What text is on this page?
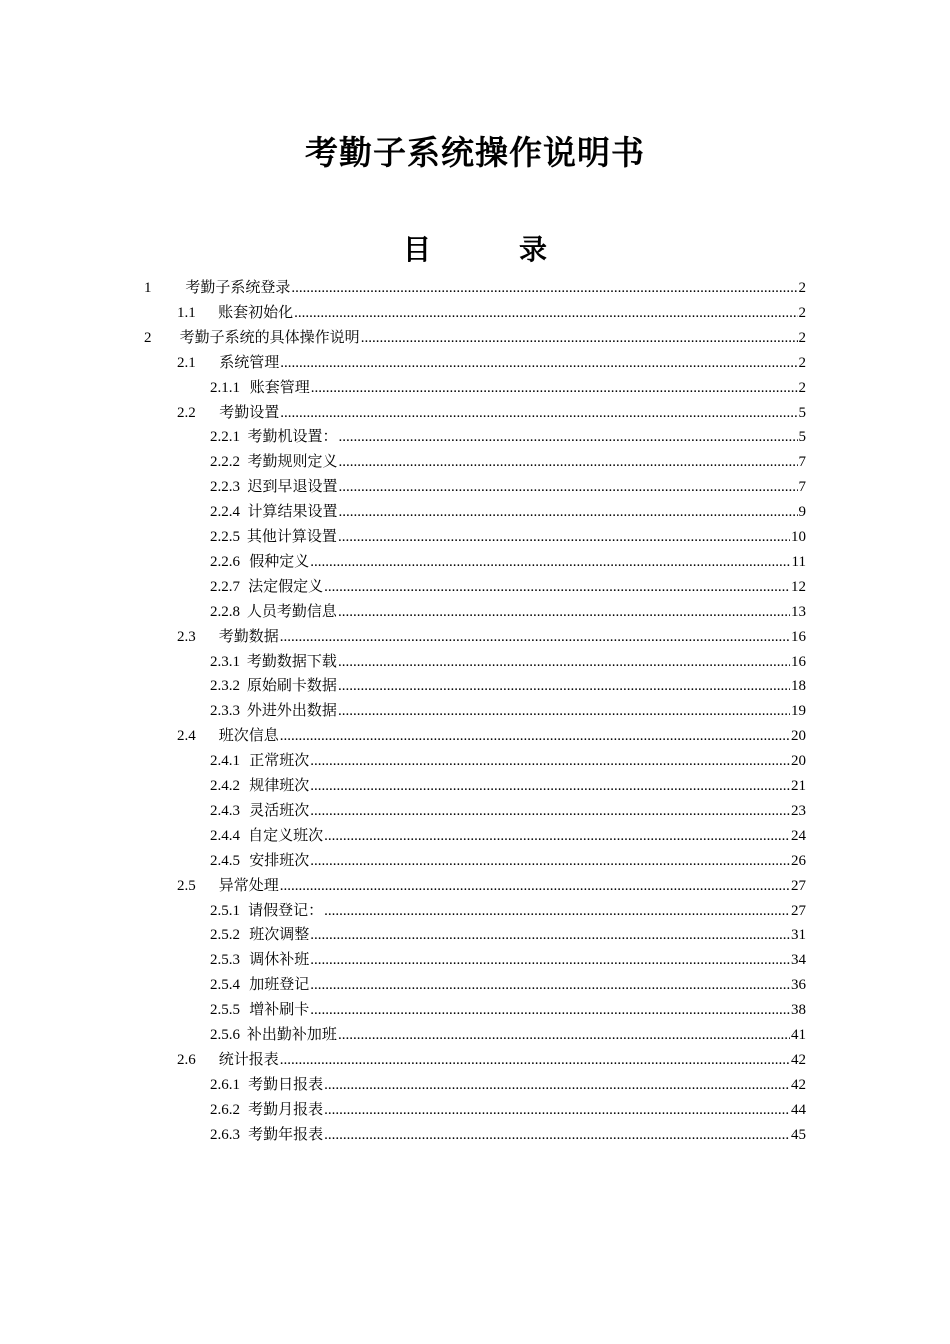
考勤子系统操作说明书
目　录
1	考勤子系统登录 .....	2
1.1	账套初始化 .....	2
2	考勤子系统的具体操作说明 .....	2
2.1	系统管理 .....	2
2.1.1 账套管理 .....	2
2.2	考勤设置 .....	5
2.2.1 考勤机设置： .....	5
2.2.2 考勤规则定义 .....	7
2.2.3 迟到早退设置 .....	7
2.2.4 计算结果设置 .....	9
2.2.5 其他计算设置 .....	10
2.2.6 假种定义 .....	11
2.2.7 法定假定义 .....	12
2.2.8 人员考勤信息 .....	13
2.3	考勤数据 .....	16
2.3.1 考勤数据下载 .....	16
2.3.2 原始刷卡数据 .....	18
2.3.3 外进外出数据 .....	19
2.4	班次信息 .....	20
2.4.1 正常班次 .....	20
2.4.2 规律班次 .....	21
2.4.3 灵活班次 .....	23
2.4.4 自定义班次 .....	24
2.4.5 安排班次 .....	26
2.5	异常处理 .....	27
2.5.1 请假登记： .....	27
2.5.2 班次调整 .....	31
2.5.3 调休补班 .....	34
2.5.4 加班登记 .....	36
2.5.5 增补刷卡 .....	38
2.5.6 补出勤补加班 .....	41
2.6	统计报表 .....	42
2.6.1 考勤日报表 .....	42
2.6.2 考勤月报表 .....	44
2.6.3 考勤年报表 .....	45
